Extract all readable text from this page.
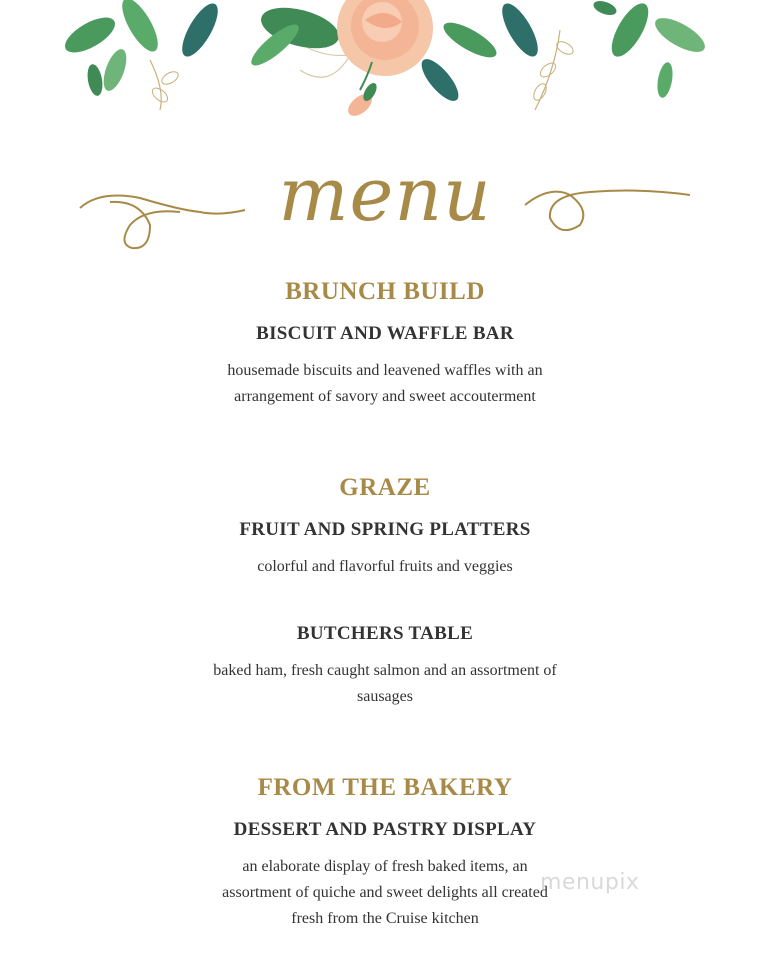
menu

BRUNCH BUILD

BISCUIT AND WAFFLE BAR

housemade biscuits and leavened waffles with an

arrangement of savory and sweet accouterment

GRAZE

FRUIT AND SPRING PLATTERS

colorful and flavorful fruits and veggies

BUTCHERS TABLE

baked ham, fresh caught salmon and an assortment of

sausages

FROM THE BAKERY

DESSERT AND PASTRY DISPLAY

an elaborate display of fresh baked items, an

assortment of quiche and sweet delights all created

fresh from the Cruise kitchen

menupix
